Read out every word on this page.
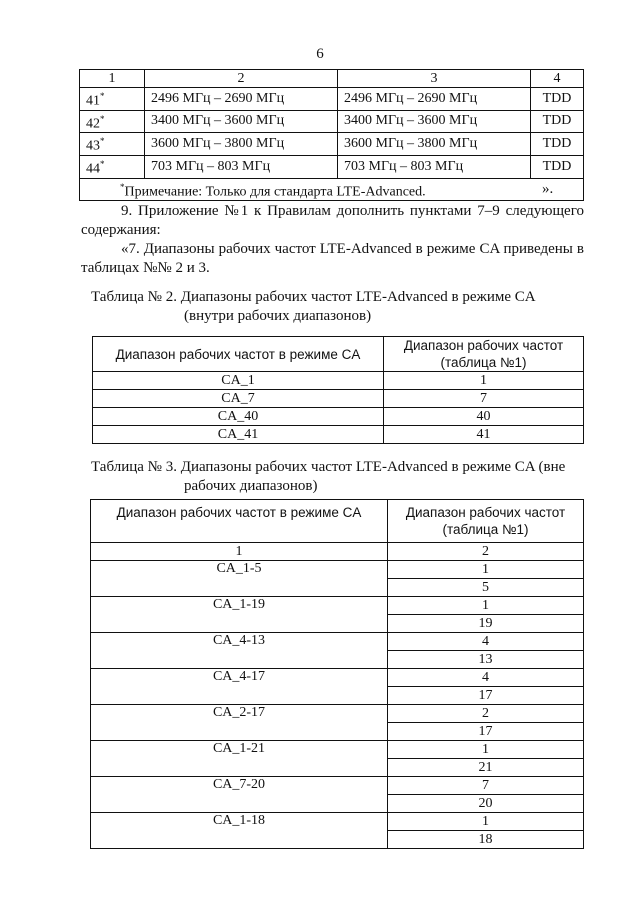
6
1	2	3	4
41*	2496 МГц – 2690 МГц	2496 МГц – 2690 МГц	TDD
42*	3400 МГц – 3600 МГц	3400 МГц – 3600 МГц	TDD
43*	3600 МГц – 3800 МГц	3600 МГц – 3800 МГц	TDD
44*	703 МГц – 803 МГц	703 МГц – 803 МГц	TDD
*Примечание: Только для стандарта LTE-Advanced.				».
9. Приложение №1 к Правилам дополнить пунктами 7–9 следующего содержания:
«7. Диапазоны рабочих частот LTE-Advanced в режиме CA приведены в таблицах №№ 2 и 3.
Таблица № 2. Диапазоны рабочих частот LTE-Advanced в режиме CA
(внутри рабочих диапазонов)
Диапазон рабочих частот в режиме CA	Диапазон рабочих частот (таблица №1)
CA_1	1
CA_7	7
CA_40	40
CA_41	41
Таблица № 3. Диапазоны рабочих частот LTE-Advanced в режиме CA (вне
рабочих диапазонов)
Диапазон рабочих частот в режиме CA	Диапазон рабочих частот (таблица №1)
1	2
CA_1-5	1
	5
CA_1-19	1
	19
CA_4-13	4
	13
CA_4-17	4
	17
CA_2-17	2
	17
CA_1-21	1
	21
CA_7-20	7
	20
CA_1-18	1
	18
